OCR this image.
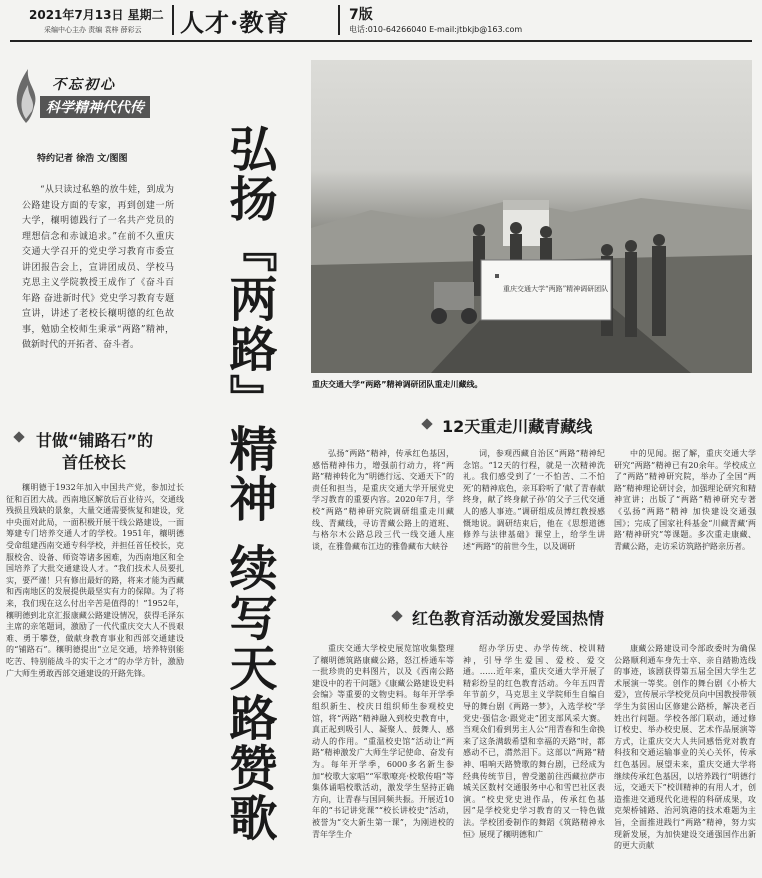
2021年7月13日 星期二
采编中心主办 责编 袁梓 薛彩云 人才·教育	7版
电话:010-64266040 E-mail:jtbkjb@163.com
不忘初心
科学精神代代传
特约记者 徐浩 文/图图

“从只读过私塾的放牛娃，到成为公路建设方面的专家，再到创建一所大学，穰明德践行了一名共产党员的理想信念和赤诚追求。”在前不久重庆交通大学召开的党史学习教育市委宣讲团报告会上，宣讲团成员、学校马克思主义学院教授王成作了《奋斗百年路 奋进新时代》党史学习教育专题宣讲，讲述了老校长穰明德的红色故事，勉励全校师生秉承“两路”精神，做新时代的开拓者、奋斗者。

甘做“铺路石”的
首任校长

穰明德于1932年加入中国共产党，参加过长征和百团大战。西南地区解放后百业待兴，交通线残损且残缺的景象，大量交通需要恢复和建设，党中央面对此局，一面积极开展干线公路建设，一面筹建专门培养交通人才的学校。1951年，穰明德受命组建西南交通专科学校，并担任首任校长，克服校舍、设备、师资等诸多困难，为西南地区和全国培养了大批交通建设人才。“我们技术人员要扎实，要严谨！只有修出最好的路，将来才能为西藏和西南地区的发展提供最坚实有力的保障。为了将来，我们现在这么付出辛苦是值得的！”1952年，穰明德到北京汇报康藏公路建设情况，获得毛泽东主席的亲笔题词，激励了一代代重庆交大人不畏艰难、勇于攀登，做献身教育事业和西部交通建设的“铺路石”。穰明德提出“立足交通，培养特别能吃苦、特别能战斗的实干之才”的办学方针，激励广大师生勇敢西部交通建设的开路先锋。	弘扬『两路』精神 续写天路赞歌	重庆交通大学“两路”精神调研团队
重庆交通大学“两路”精神调研团队重走川藏线。
12天重走川藏青藏线

弘扬“两路”精神，传承红色基因，感悟精神伟力，增强前行动力，将“两路”精神转化为“明德行远、交通天下”的责任和担当，是重庆交通大学开展党史学习教育的重要内容。2020年7月，学校“两路”精神研究院调研组重走川藏线、青藏线，寻访青藏公路上的道班、与格尔木公路总段三代一线交通人座谈，在雅鲁藏布江边的雅鲁藏布大峡谷

词，参观西藏自治区“两路”精神纪念馆。“12天的行程，就是一次精神洗礼。我们感受到了‘一不怕苦、二不怕死’的精神底色，亲耳聆听了‘献了青春献终身，献了终身献子孙’的父子三代交通人的感人事迹。”调研组成员博红教授感慨地说。调研结束后，他在《思想道德修养与法律基础》课堂上，给学生讲述“两路”的前世今生，以及调研

中的见闻。据了解，重庆交通大学研究“两路”精神已有20余年。学校成立了“两路”精神研究院，举办了全国“两路”精神理论研讨会，加强理论研究和精神宣讲；出版了“两路”精神研究专著《弘扬“两路”精神 加快建设交通强国》；完成了国家社科基金“川藏青藏‘两路’精神研究”等课题。多次重走康藏、青藏公路，走访采访筑路护路亲历者。

红色教育活动激发爱国热情

重庆交通大学校史展览馆收集整理了穰明德筑路康藏公路，怒江桥通车等一批珍贵的史料图片，以及《西南公路建设中的若干问题》《康藏公路建设史料会编》等重要的文物史料。每年开学季组织新生、校庆日组织师生参观校史馆，将“两路”精神融入到校史教育中，真正起到吸引人、凝聚人、鼓舞人、感动人的作用。“重温校史馆”活动让“两路”精神激发广大师生学记使命、奋发有为。每年开学季，6000多名新生参加“校歌大家唱”“军歌嘹亮·校歌传唱”等集体诵唱校歌活动，激发学生坚持正确方向，让青春与国同频共振。开展近10年的“书记讲党课”“校长讲校史”活动，被誉为“交大新生第一课”，为刚进校的青年学生介

绍办学历史、办学传统、校训精神，引导学生爱国、爱校、爱交通。……近年来，重庆交通大学开展了精彩纷呈的红色教育活动。今年五四青年节前夕，马克思主义学院师生自编自导的舞台剧《两路一梦》，入选学校“学党史·强信念·跟党走”团支部风采大赛。当观众们看到男主人公“用青春和生命换来了这条满载希望和幸福的天路”时，都感动不已，潸然泪下。这部以“两路”精神、唱响天路赞歌的舞台剧，已经成为经典传统节目，曾受邀前往西藏拉萨市城关区数村交通服务中心和雪巴社区表演。“校史党史进作品，传承红色基因”是学校党史学习教育的又一特色做法。学校团委制作的舞蹈《筑路精神永恒》展现了穰明德和广

康藏公路建设司令部政委时为确保公路顺利通车身先士卒、亲自踏勘选线的事迹，该剧获得第五届全国大学生艺术展演一等奖。创作的舞台剧《小桥大爱》，宣传展示学校党员向中国教授带领学生为贫困山区修建公路桥，解决老百姓出行问题。学校各部门联动，通过修订校史、举办校史展、艺术作品展演等方式，让重庆交大人共同感悟党对教育科技和交通运输事业的关心关怀，传承红色基因。展望未来，重庆交通大学将继续传承红色基因，以培养践行“明德行远，交通天下”校训精神的有用人才，创造推进交通现代化进程的科研成果，攻克架桥铺路、治河筑港的技术难题为主旨，全面推进践行“两路”精神，努力实现新发展，为加快建设交通强国作出新的更大贡献
